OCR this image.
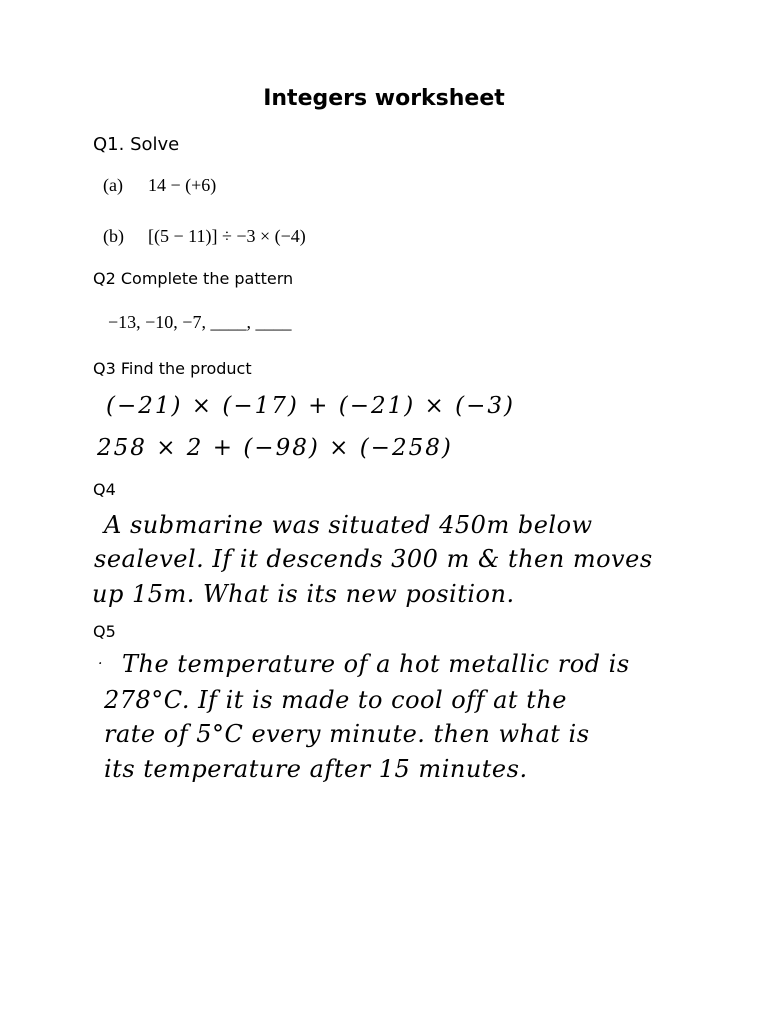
Integers worksheet
Q1. Solve
(a) 14 − (+6)
(b) [(5 − 11)] ÷ −3 × (−4)
Q2 Complete the pattern
−13, −10, −7, ____, ____
Q3 Find the product
(−21) × (−17) + (−21) × (−3)
258 × 2 + (−98) × (−258)
Q4
A submarine was situated 450m below
sealevel. If it descends 300 m & then moves
up 15m. What is its new position.
Q5
· The temperature of a hot metallic rod is
278°C. If it is made to cool off at the
rate of 5°C every minute. then what is
its temperature after 15 minutes.
